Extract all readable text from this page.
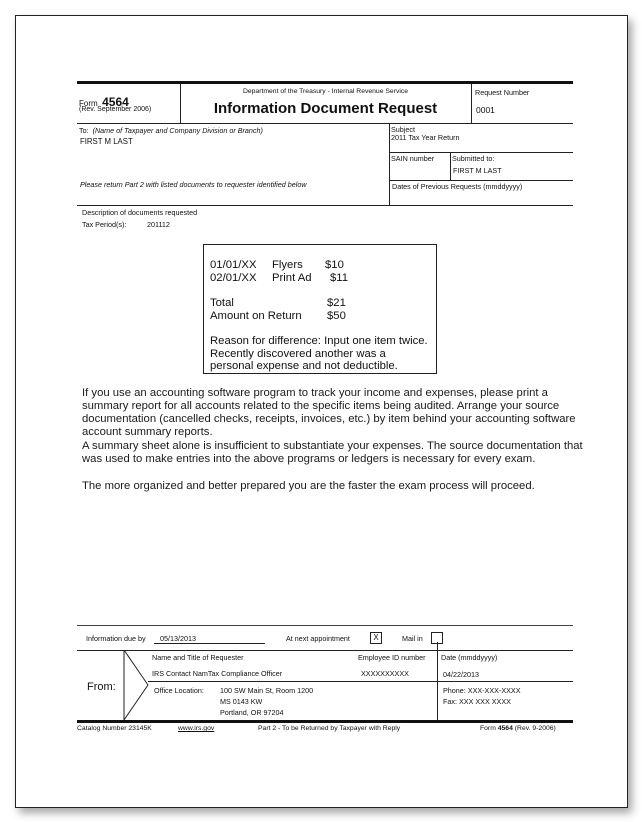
Form 4564
(Rev. September 2006)
Department of the Treasury - Internal Revenue Service
Information Document Request
Request Number
0001
To: (Name of Taxpayer and Company Division or Branch)
FIRST M LAST
Please return Part 2 with listed documents to requester identified below
Subject
2011 Tax Year Return
SAIN number Submitted to:
FIRST M LAST
Dates of Previous Requests (mmddyyyy)
Description of documents requested
Tax Period(s):	201112
01/01/XX Flyers $10
02/01/XX Print Ad $11
Total	$21
Amount on Return $50
Reason for difference: Input one item twice.
Recently discovered another was a
personal expense and not deductible.
If you use an accounting software program to track your income and expenses, please print a summary report for all accounts related to the specific items being audited. Arrange your source documentation (cancelled checks, receipts, invoices, etc.) by item behind your accounting software account summary reports.
A summary sheet alone is insufficient to substantiate your expenses. The source documentation that was used to make entries into the above programs or ledgers is necessary for every exam.
The more organized and better prepared you are the faster the exam process will proceed.
Information due by	05/13/2013	At next appointment	X	Mail in
From:
Name and Title of Requester
IRS Contact NamTax Compliance Officer
Employee ID number
XXXXXXXXXX
Date (mmddyyyy)
04/22/2013
Office Location: 100 SW Main St, Room 1200
MS 0143 KW
Portland, OR 97204
Phone: XXX-XXX-XXXX
Fax: XXX XXX XXXX
Catalog Number 23145K	www.irs.gov	Part 2 - To be Returned by Taxpayer with Reply	Form 4564 (Rev. 9-2006)
